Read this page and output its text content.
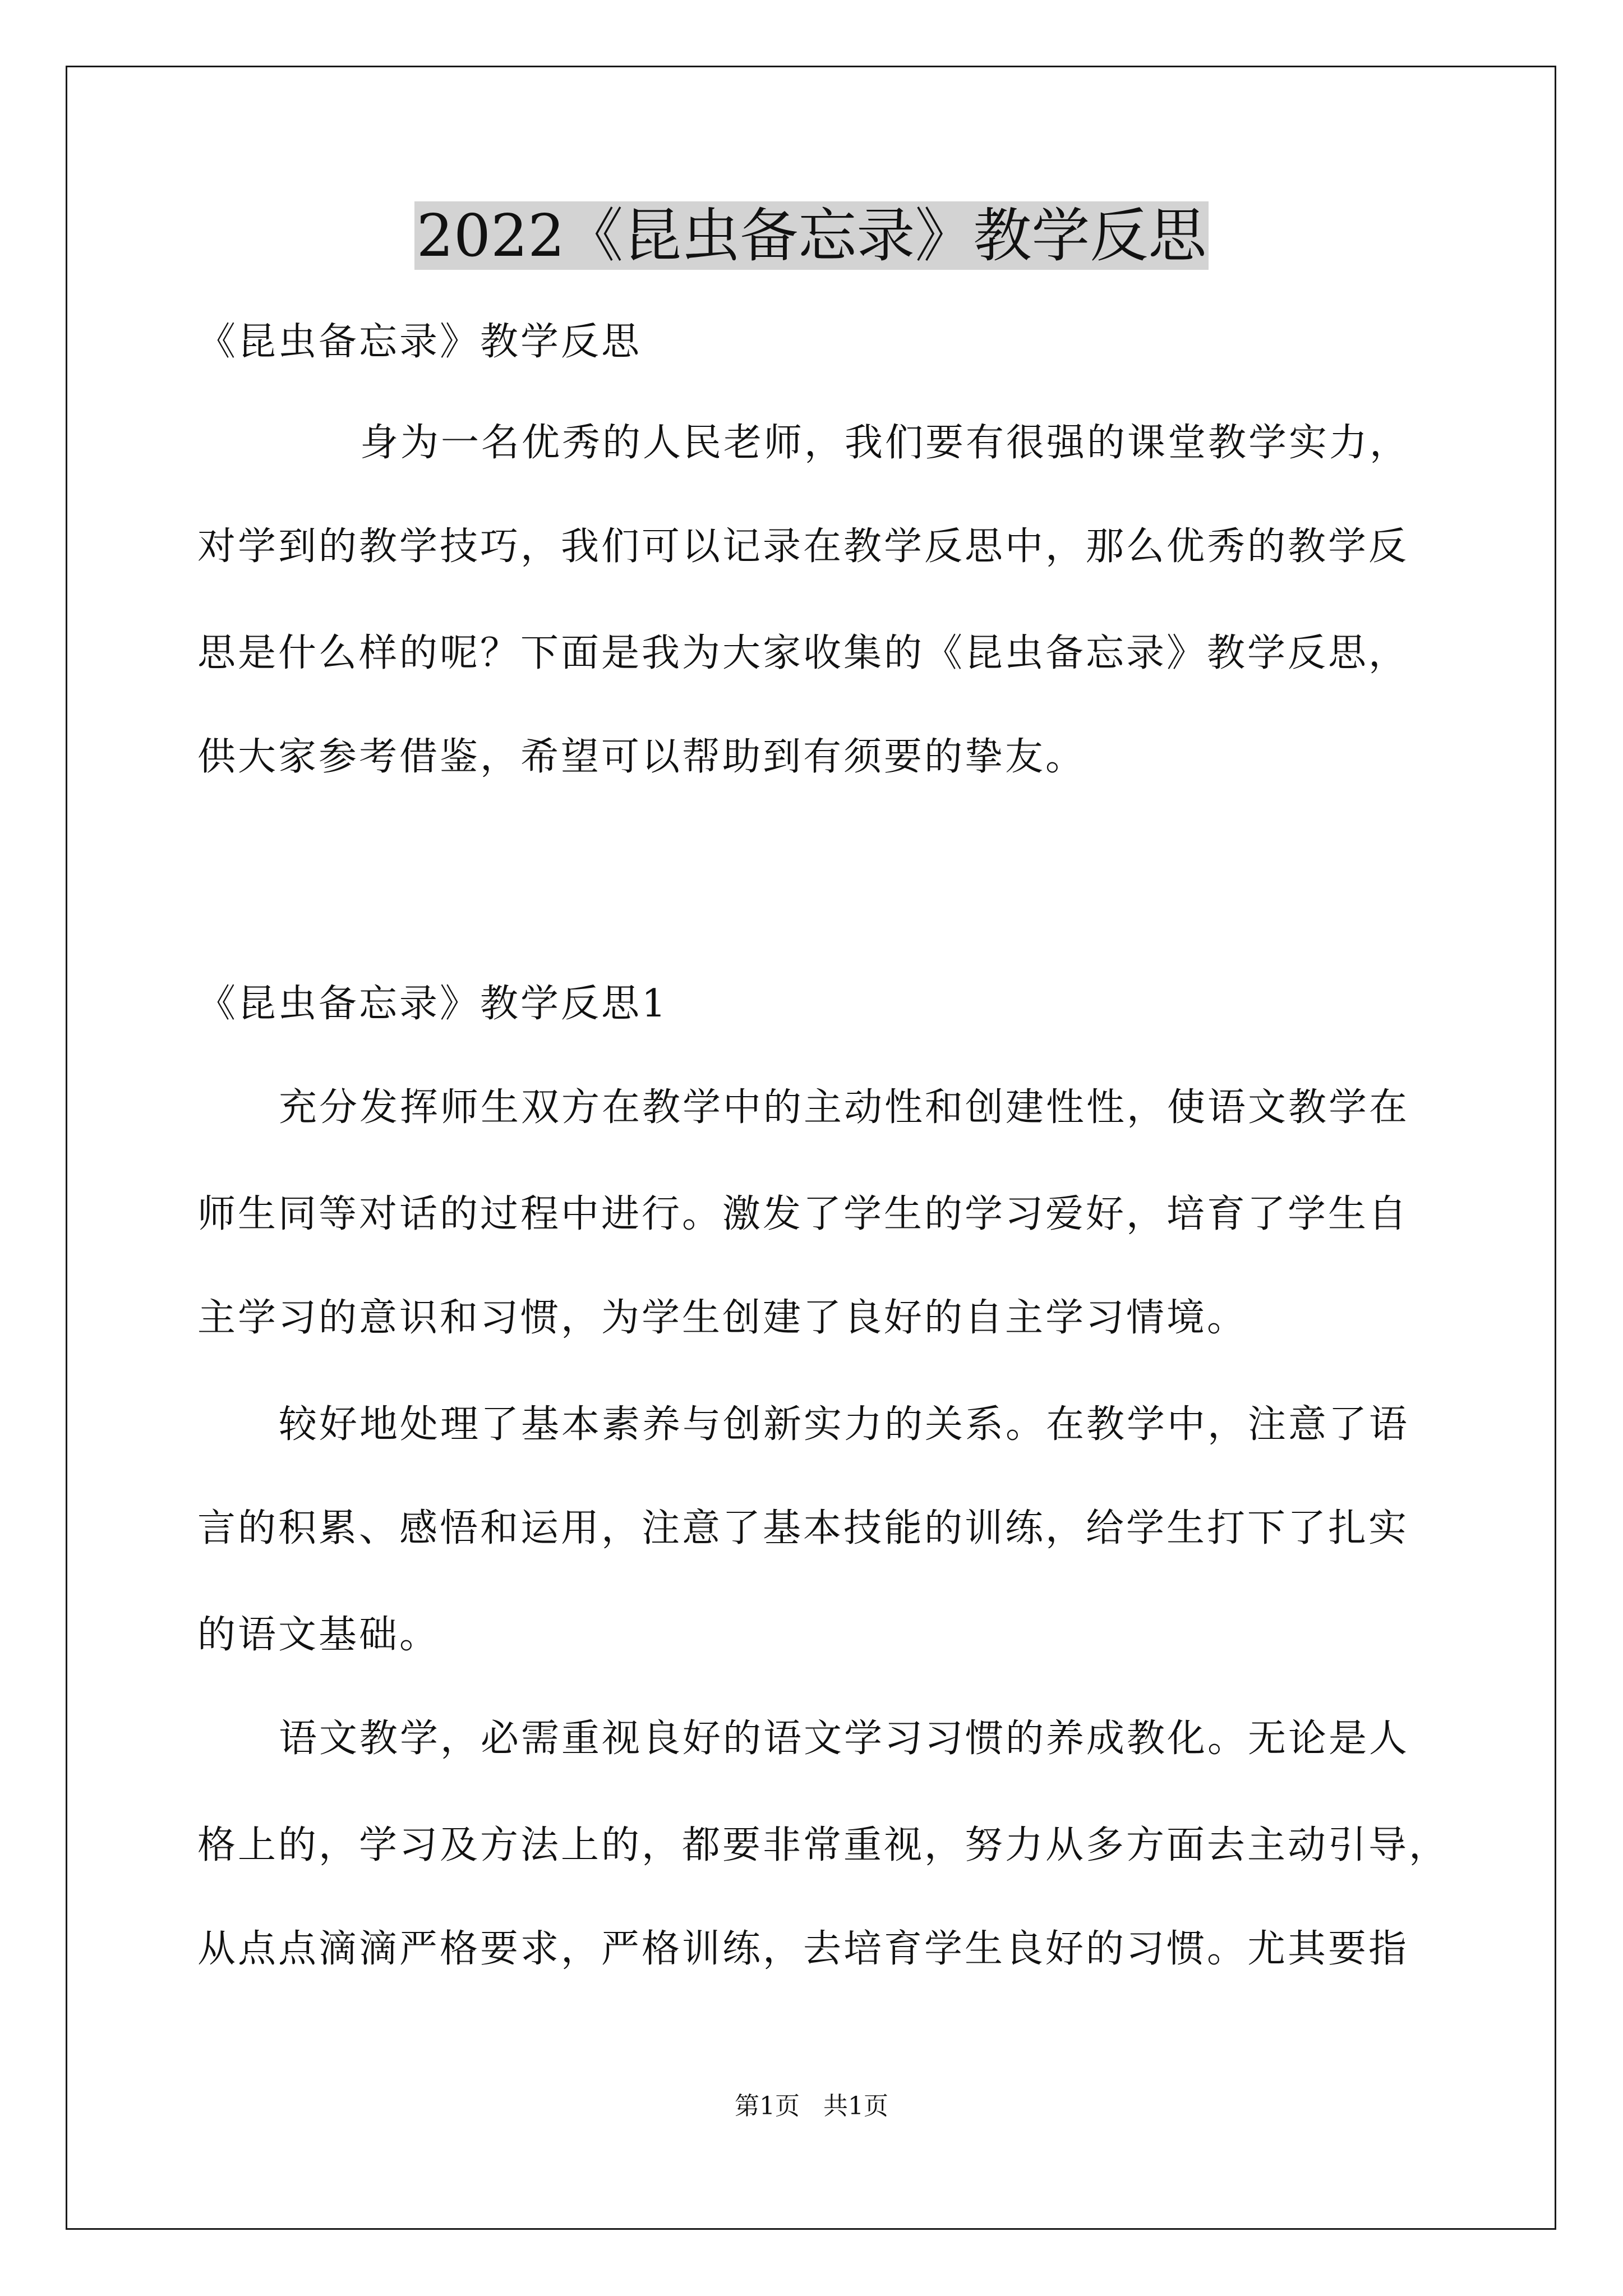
2022《昆虫备忘录》教学反思
《昆虫备忘录》教学反思
身为一名优秀的人民老师，我们要有很强的课堂教学实力，
对学到的教学技巧，我们可以记录在教学反思中，那么优秀的教学反
思是什么样的呢？下面是我为大家收集的《昆虫备忘录》教学反思，
供大家参考借鉴，希望可以帮助到有须要的挚友。
《昆虫备忘录》教学反思1
充分发挥师生双方在教学中的主动性和创建性性，使语文教学在
师生同等对话的过程中进行。激发了学生的学习爱好，培育了学生自
主学习的意识和习惯，为学生创建了良好的自主学习情境。
较好地处理了基本素养与创新实力的关系。在教学中，注意了语
言的积累、感悟和运用，注意了基本技能的训练，给学生打下了扎实
的语文基础。
语文教学，必需重视良好的语文学习习惯的养成教化。无论是人
格上的，学习及方法上的，都要非常重视，努力从多方面去主动引导，
从点点滴滴严格要求，严格训练，去培育学生良好的习惯。尤其要指
第1页   共1页
